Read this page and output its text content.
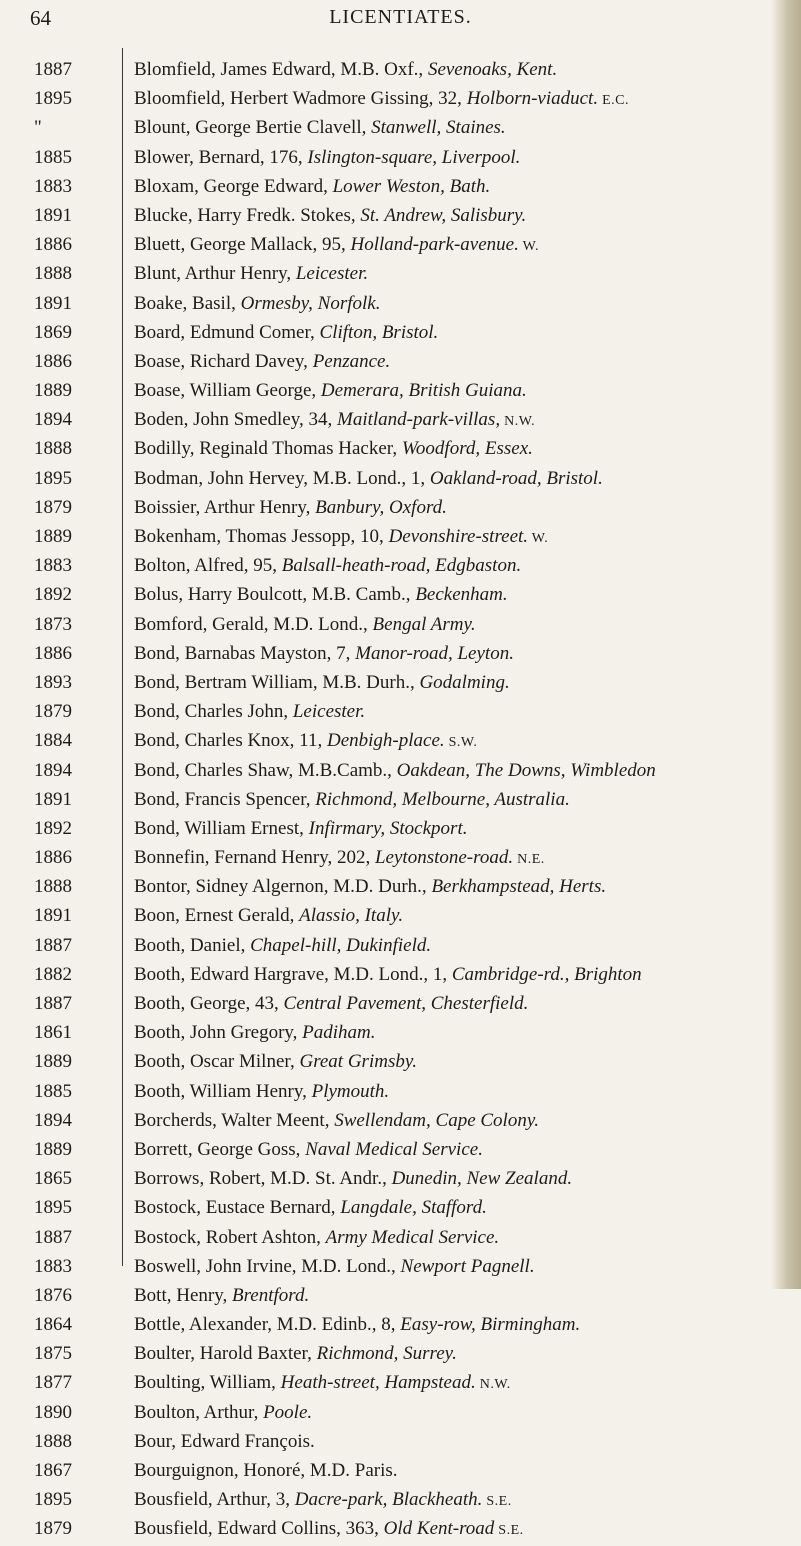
64	LICENTIATES.
1887	Blomfield, James Edward, M.B. Oxf., Sevenoaks, Kent.
1895	Bloomfield, Herbert Wadmore Gissing, 32, Holborn-viaduct. E.C.
"	Blount, George Bertie Clavell, Stanwell, Staines.
1885	Blower, Bernard, 176, Islington-square, Liverpool.
1883	Bloxam, George Edward, Lower Weston, Bath.
1891	Blucke, Harry Fredk. Stokes, St. Andrew, Salisbury.
1886	Bluett, George Mallack, 95, Holland-park-avenue. W.
1888	Blunt, Arthur Henry, Leicester.
1891	Boake, Basil, Ormesby, Norfolk.
1869	Board, Edmund Comer, Clifton, Bristol.
1886	Boase, Richard Davey, Penzance.
1889	Boase, William George, Demerara, British Guiana.
1894	Boden, John Smedley, 34, Maitland-park-villas, N.W.
1888	Bodilly, Reginald Thomas Hacker, Woodford, Essex.
1895	Bodman, John Hervey, M.B. Lond., 1, Oakland-road, Bristol.
1879	Boissier, Arthur Henry, Banbury, Oxford.
1889	Bokenham, Thomas Jessopp, 10, Devonshire-street. W.
1883	Bolton, Alfred, 95, Balsall-heath-road, Edgbaston.
1892	Bolus, Harry Boulcott, M.B. Camb., Beckenham.
1873	Bomford, Gerald, M.D. Lond., Bengal Army.
1886	Bond, Barnabas Mayston, 7, Manor-road, Leyton.
1893	Bond, Bertram William, M.B. Durh., Godalming.
1879	Bond, Charles John, Leicester.
1884	Bond, Charles Knox, 11, Denbigh-place. S.W.
1894	Bond, Charles Shaw, M.B.Camb., Oakdean, The Downs, Wimbledon
1891	Bond, Francis Spencer, Richmond, Melbourne, Australia.
1892	Bond, William Ernest, Infirmary, Stockport.
1886	Bonnefin, Fernand Henry, 202, Leytonstone-road. N.E.
1888	Bontor, Sidney Algernon, M.D. Durh., Berkhampstead, Herts.
1891	Boon, Ernest Gerald, Alassio, Italy.
1887	Booth, Daniel, Chapel-hill, Dukinfield.
1882	Booth, Edward Hargrave, M.D. Lond., 1, Cambridge-rd., Brighton
1887	Booth, George, 43, Central Pavement, Chesterfield.
1861	Booth, John Gregory, Padiham.
1889	Booth, Oscar Milner, Great Grimsby.
1885	Booth, William Henry, Plymouth.
1894	Borcherds, Walter Meent, Swellendam, Cape Colony.
1889	Borrett, George Goss, Naval Medical Service.
1865	Borrows, Robert, M.D. St. Andr., Dunedin, New Zealand.
1895	Bostock, Eustace Bernard, Langdale, Stafford.
1887	Bostock, Robert Ashton, Army Medical Service.
1883	Boswell, John Irvine, M.D. Lond., Newport Pagnell.
1876	Bott, Henry, Brentford.
1864	Bottle, Alexander, M.D. Edinb., 8, Easy-row, Birmingham.
1875	Boulter, Harold Baxter, Richmond, Surrey.
1877	Boulting, William, Heath-street, Hampstead. N.W.
1890	Boulton, Arthur, Poole.
1888	Bour, Edward François.
1867	Bourguignon, Honoré, M.D. Paris.
1895	Bousfield, Arthur, 3, Dacre-park, Blackheath. S.E.
1879	Bousfield, Edward Collins, 363, Old Kent-road S.E.
